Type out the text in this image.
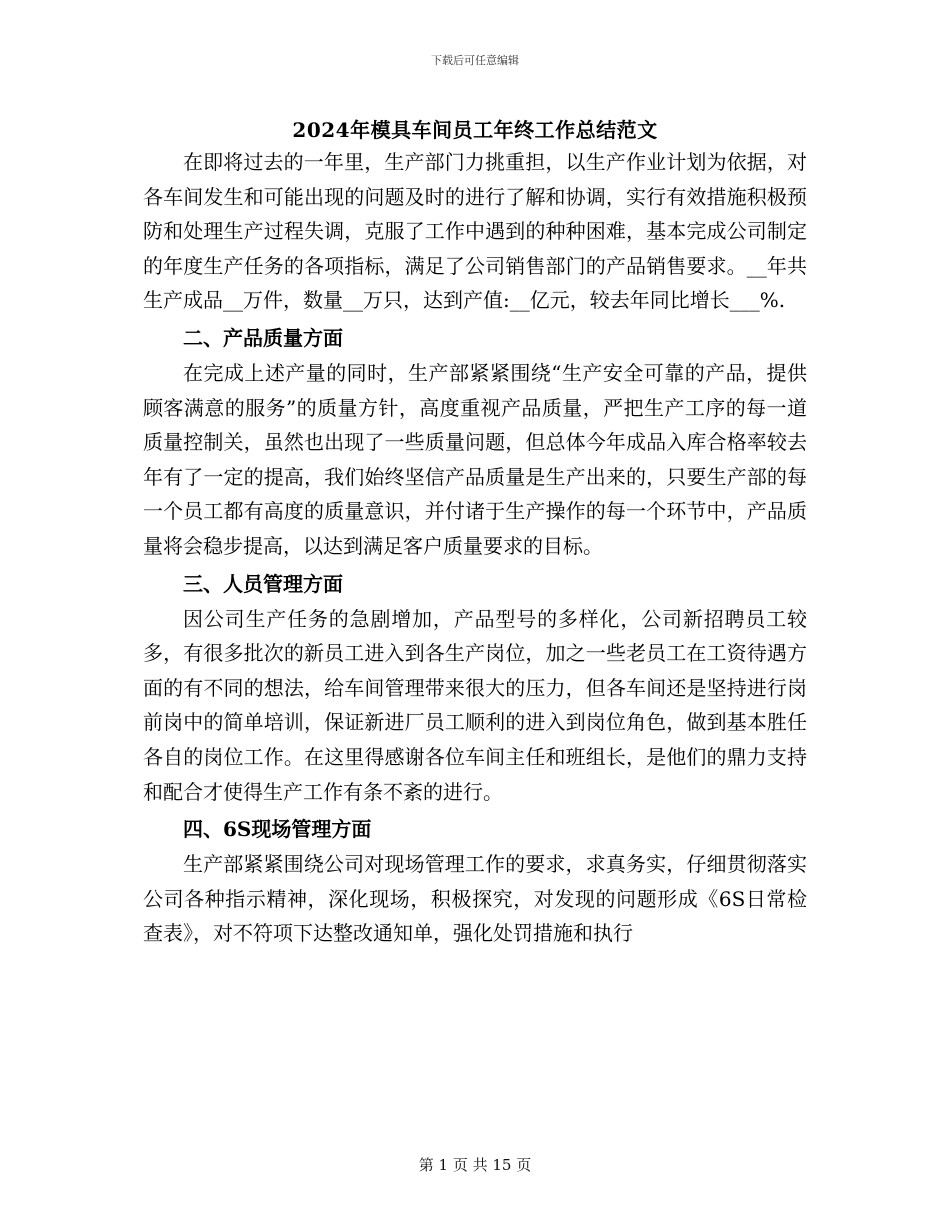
下载后可任意编辑
2024年模具车间员工年终工作总结范文

在即将过去的一年里，生产部门力挑重担，以生产作业计划为依据，对各车间发生和可能出现的问题及时的进行了解和协调，实行有效措施积极预防和处理生产过程失调，克服了工作中遇到的种种困难，基本完成公司制定的年度生产任务的各项指标，满足了公司销售部门的产品销售要求。__年共生产成品__万件，数量__万只，达到产值:__亿元，较去年同比增长___%.

二、产品质量方面

在完成上述产量的同时，生产部紧紧围绕“生产安全可靠的产品，提供顾客满意的服务”的质量方针，高度重视产品质量，严把生产工序的每一道质量控制关，虽然也出现了一些质量问题，但总体今年成品入库合格率较去年有了一定的提高，我们始终坚信产品质量是生产出来的，只要生产部的每一个员工都有高度的质量意识，并付诸于生产操作的每一个环节中，产品质量将会稳步提高，以达到满足客户质量要求的目标。

三、人员管理方面

因公司生产任务的急剧增加，产品型号的多样化，公司新招聘员工较多，有很多批次的新员工进入到各生产岗位，加之一些老员工在工资待遇方面的有不同的想法，给车间管理带来很大的压力，但各车间还是坚持进行岗前岗中的简单培训，保证新进厂员工顺利的进入到岗位角色，做到基本胜任各自的岗位工作。在这里得感谢各位车间主任和班组长，是他们的鼎力支持和配合才使得生产工作有条不紊的进行。

四、6S现场管理方面

生产部紧紧围绕公司对现场管理工作的要求，求真务实，仔细贯彻落实公司各种指示精神，深化现场，积极探究，对发现的问题形成《6S日常检查表》，对不符项下达整改通知单，强化处罚措施和执行

第 1 页 共 15 页
